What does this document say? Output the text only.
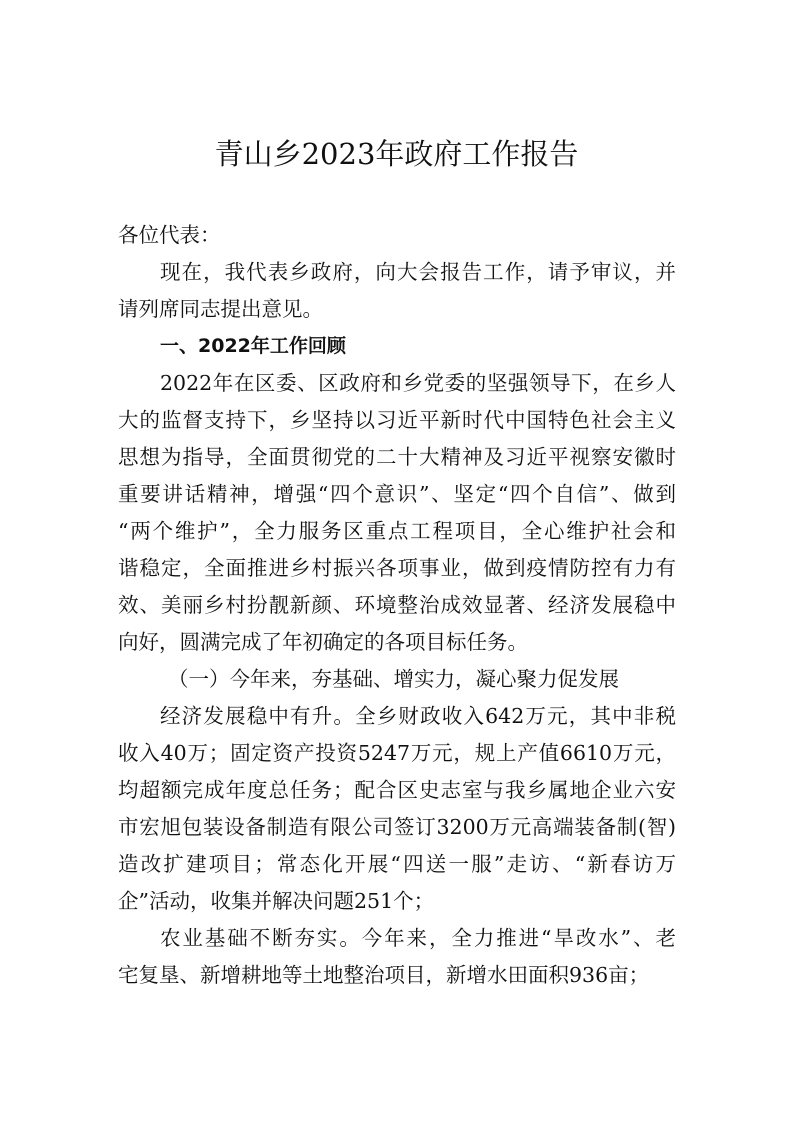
青山乡2023年政府工作报告
各位代表：
现在，我代表乡政府，向大会报告工作，请予审议，并
请列席同志提出意见。
一、2022年工作回顾
2022年在区委、区政府和乡党委的坚强领导下，在乡人
大的监督支持下，乡坚持以习近平新时代中国特色社会主义
思想为指导，全面贯彻党的二十大精神及习近平视察安徽时
重要讲话精神，增强“四个意识”、坚定“四个自信”、做到
“两个维护”，全力服务区重点工程项目，全心维护社会和
谐稳定，全面推进乡村振兴各项事业，做到疫情防控有力有
效、美丽乡村扮靓新颜、环境整治成效显著、经济发展稳中
向好，圆满完成了年初确定的各项目标任务。
（一）今年来，夯基础、增实力，凝心聚力促发展
经济发展稳中有升。全乡财政收入642万元，其中非税
收入40万；固定资产投资5247万元，规上产值6610万元，
均超额完成年度总任务；配合区史志室与我乡属地企业六安
市宏旭包装设备制造有限公司签订3200万元高端装备制(智)
造改扩建项目；常态化开展“四送一服”走访、“新春访万
企”活动，收集并解决问题251个；
农业基础不断夯实。今年来，全力推进“旱改水”、老
宅复垦、新增耕地等土地整治项目，新增水田面积936亩；
